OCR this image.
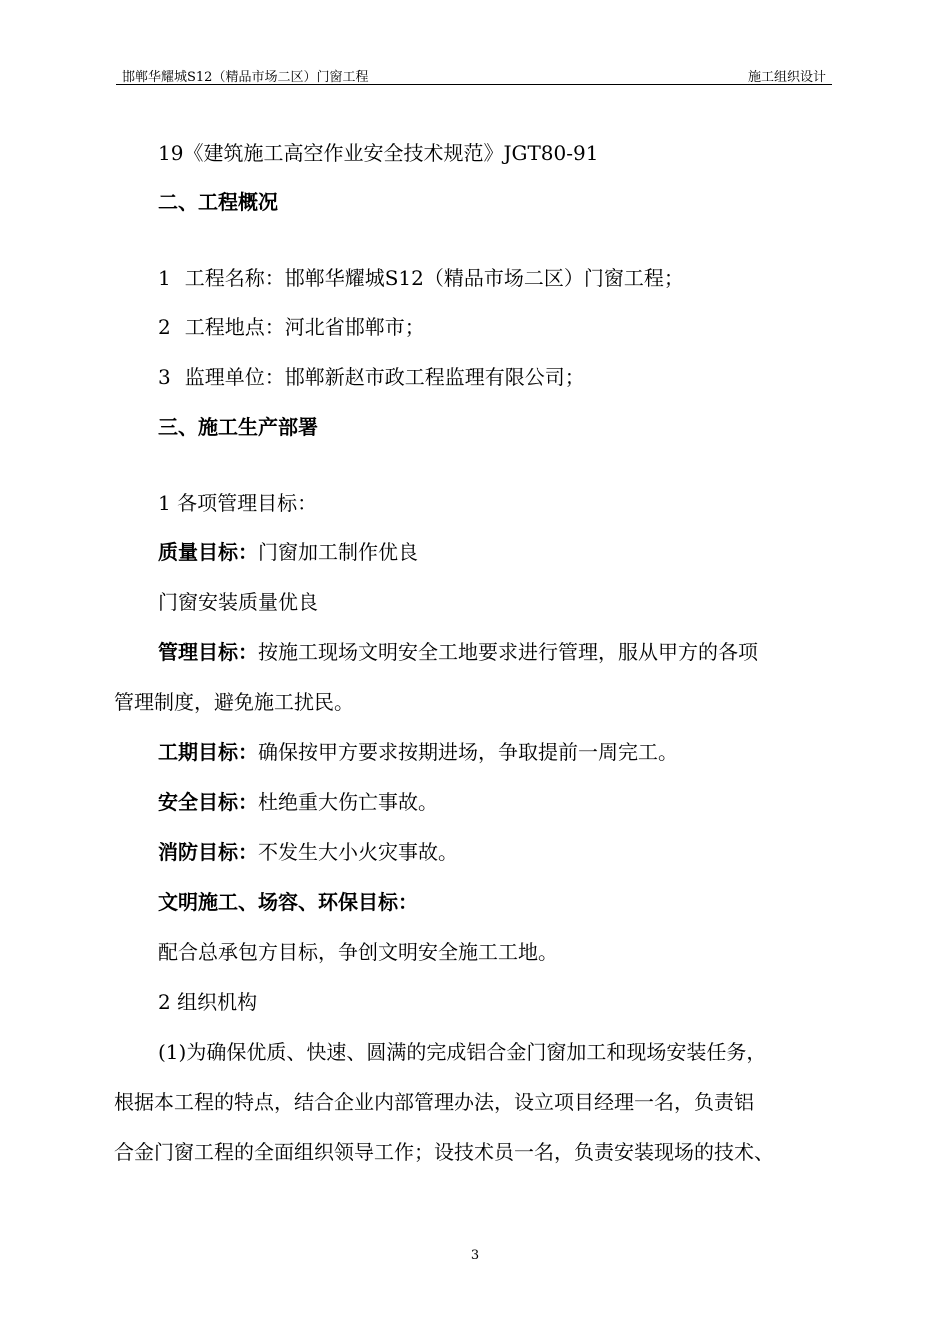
邯郸华耀城S12（精品市场二区）门窗工程	施工组织设计
19《建筑施工高空作业安全技术规范》JGT80-91
二、工程概况
1 工程名称：邯郸华耀城S12（精品市场二区）门窗工程；
2 工程地点：河北省邯郸市；
3 监理单位：邯郸新赵市政工程监理有限公司；
三、施工生产部署
1 各项管理目标：
质量目标：门窗加工制作优良
门窗安装质量优良
管理目标：按施工现场文明安全工地要求进行管理，服从甲方的各项
管理制度，避免施工扰民。
工期目标：确保按甲方要求按期进场，争取提前一周完工。
安全目标：杜绝重大伤亡事故。
消防目标：不发生大小火灾事故。
文明施工、场容、环保目标：
配合总承包方目标，争创文明安全施工工地。
2 组织机构
(1)为确保优质、快速、圆满的完成铝合金门窗加工和现场安装任务，
根据本工程的特点，结合企业内部管理办法，设立项目经理一名，负责铝
合金门窗工程的全面组织领导工作；设技术员一名，负责安装现场的技术、
3
